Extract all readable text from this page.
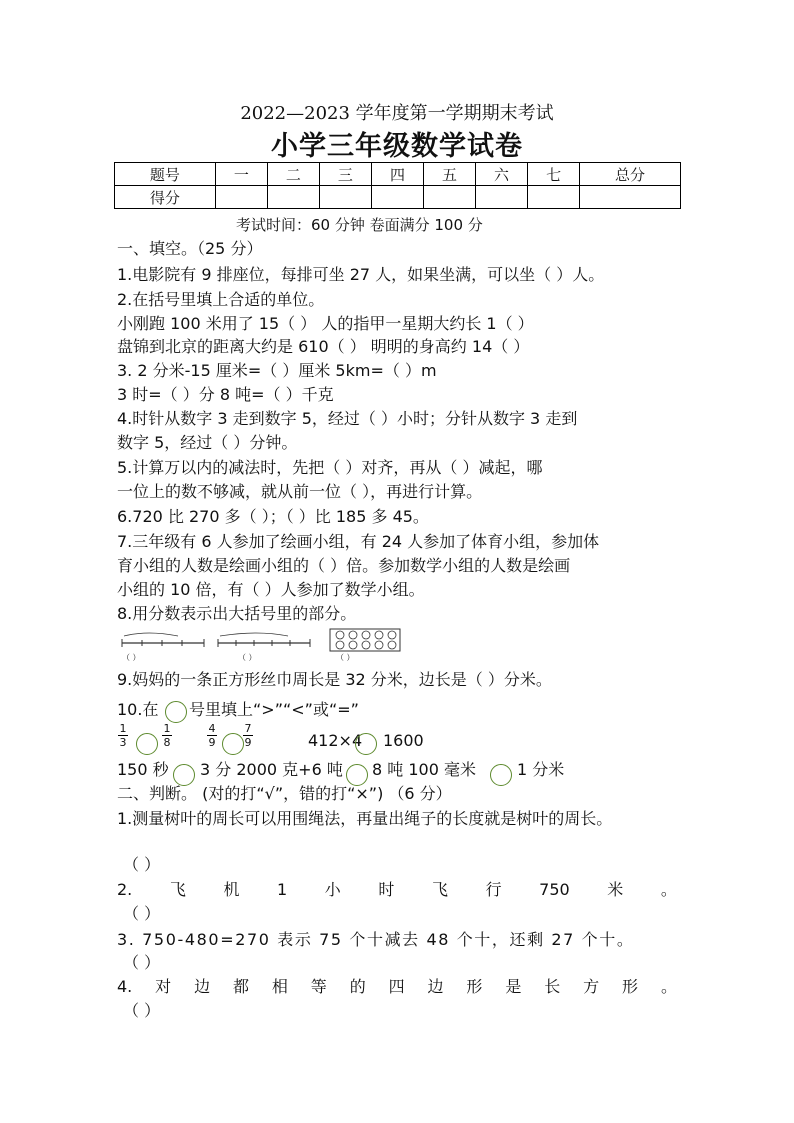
2022—2023 学年度第一学期期末考试
小学三年级数学试卷
题号	一	二	三	四	五	六	七	总分
得分								
考试时间：60 分钟 卷面满分 100 分
一、填空。（25 分）
1.电影院有 9 排座位，每排可坐 27 人，如果坐满，可以坐（ ）人。
2.在括号里填上合适的单位。
小刚跑 100 米用了 15（ ） 人的指甲一星期大约长 1（ ）
盘锦到北京的距离大约是 610（ ） 明明的身高约 14（ ）
3. 2 分米-15 厘米=（ ）厘米 5km=（ ）m
3 时=（ ）分 8 吨=（ ）千克
4.时针从数字 3 走到数字 5，经过（ ）小时；分针从数字 3 走到
数字 5，经过（ ）分钟。
5.计算万以内的减法时，先把（ ）对齐，再从（ ）减起，哪
一位上的数不够减，就从前一位（ ），再进行计算。
6.720 比 270 多（ ）；（ ）比 185 多 45。
7.三年级有 6 人参加了绘画小组，有 24 人参加了体育小组，参加体
育小组的人数是绘画小组的（ ）倍。参加数学小组的人数是绘画
小组的 10 倍，有（ ）人参加了数学小组。
8.用分数表示出大括号里的部分。
（ ）	（ ）	（ ）
9.妈妈的一条正方形丝巾周长是 32 分米，边长是（ ）分米。
10.在 号里填上“>”“<”或“=”
1
3
1
8
4
9
7
9	412×4 1600
150 秒 3 分 2000 克+6 吨 8 吨 100 毫米	1 分米
二、判断。 (对的打“√”，错的打“×”) （6 分）
1.测量树叶的周长可以用围绳法，再量出绳子的长度就是树叶的周长。
（ ）
2. 飞 机 1 小 时 飞 行 750 米 。
（ ）
3. 750-480=270 表示 75 个十减去 48 个十，还剩 27 个十。
（ ）
4. 对 边 都 相 等 的 四 边 形 是 长 方 形 。
（ ）
